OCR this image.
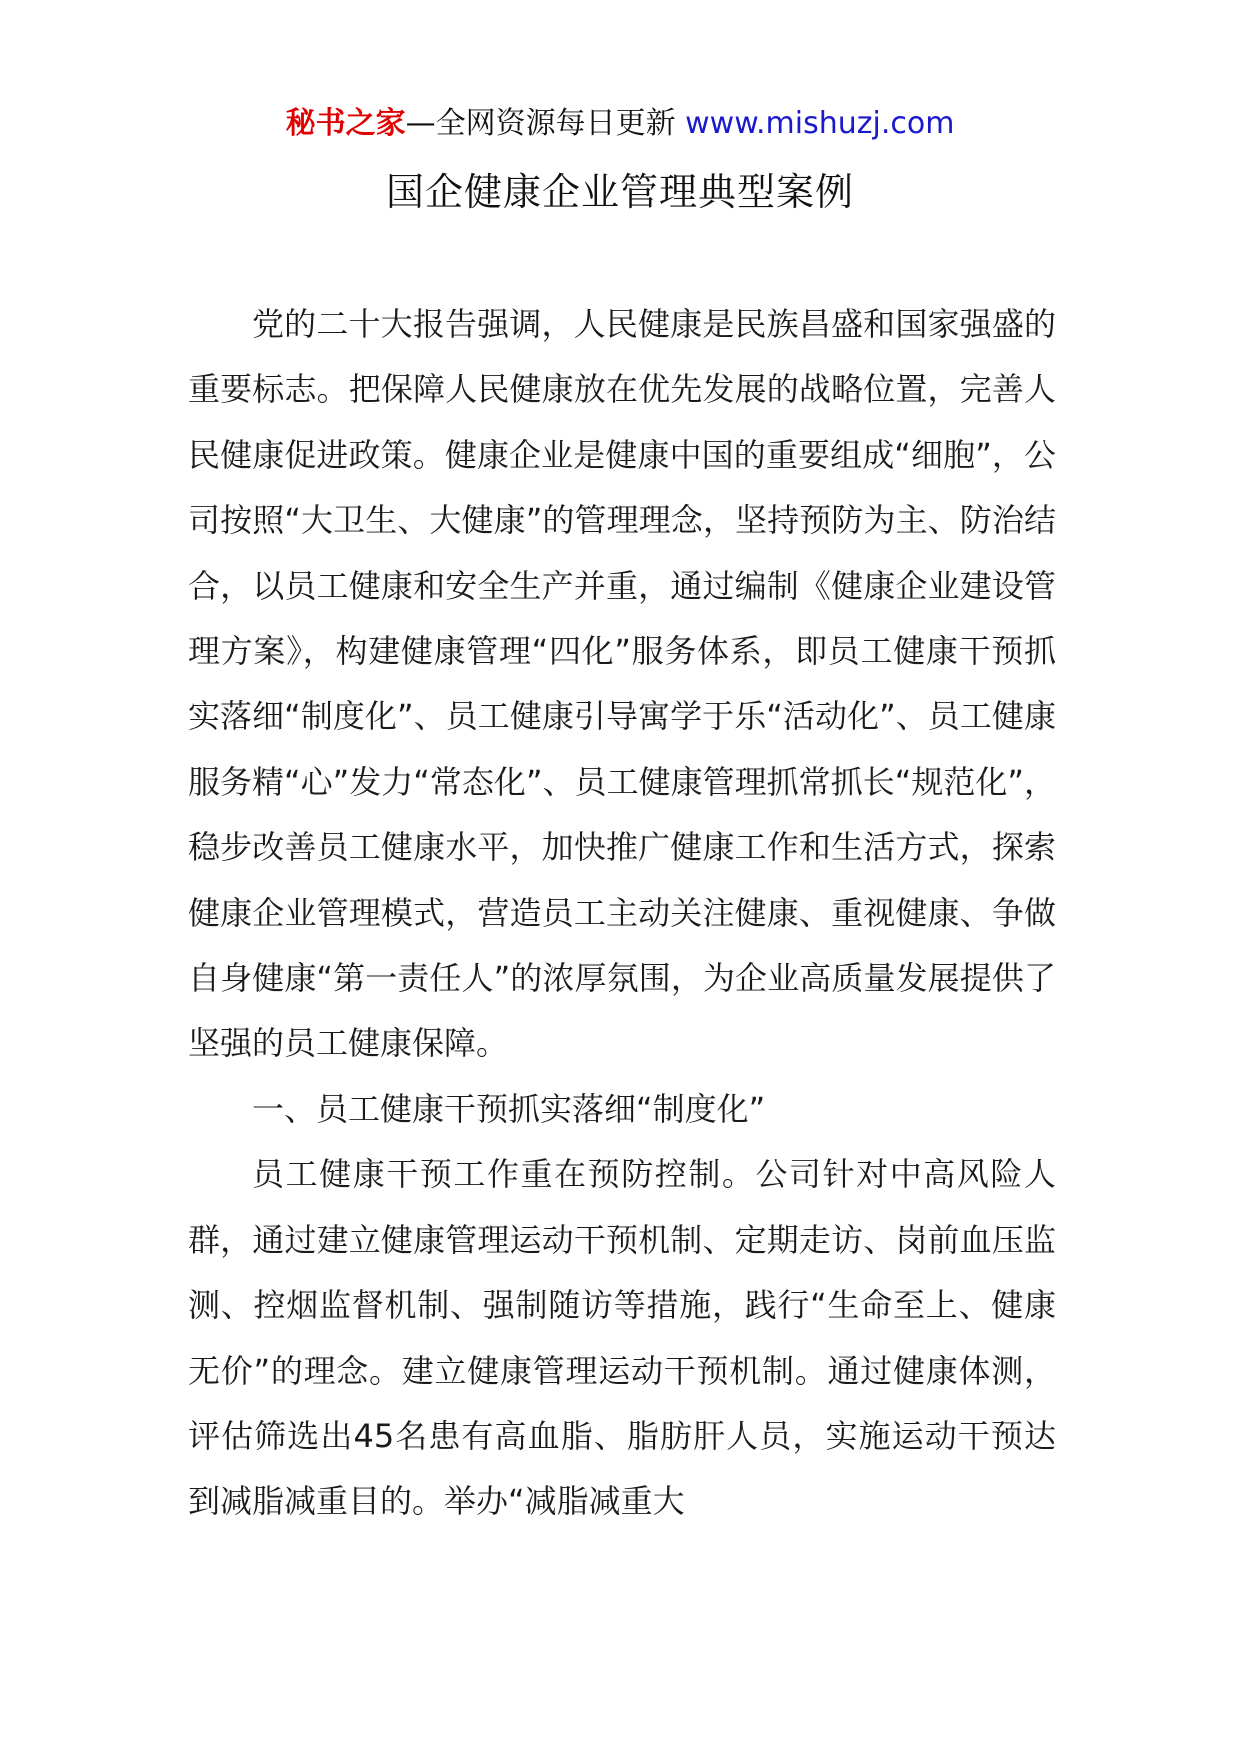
秘书之家—全网资源每日更新 www.mishuzj.com
国企健康企业管理典型案例

党的二十大报告强调，人民健康是民族昌盛和国家强盛的重要标志。把保障人民健康放在优先发展的战略位置，完善人民健康促进政策。健康企业是健康中国的重要组成“细胞”，公司按照“大卫生、大健康”的管理理念，坚持预防为主、防治结合，以员工健康和安全生产并重，通过编制《健康企业建设管理方案》，构建健康管理“四化”服务体系，即员工健康干预抓实落细“制度化”、员工健康引导寓学于乐“活动化”、员工健康服务精“心”发力“常态化”、员工健康管理抓常抓长“规范化”，稳步改善员工健康水平，加快推广健康工作和生活方式，探索健康企业管理模式，营造员工主动关注健康、重视健康、争做自身健康“第一责任人”的浓厚氛围，为企业高质量发展提供了坚强的员工健康保障。

一、员工健康干预抓实落细“制度化”

员工健康干预工作重在预防控制。公司针对中高风险人群，通过建立健康管理运动干预机制、定期走访、岗前血压监测、控烟监督机制、强制随访等措施，践行“生命至上、健康无价”的理念。建立健康管理运动干预机制。通过健康体测，评估筛选出45名患有高血脂、脂肪肝人员，实施运动干预达到减脂减重目的。举办“减脂减重大
